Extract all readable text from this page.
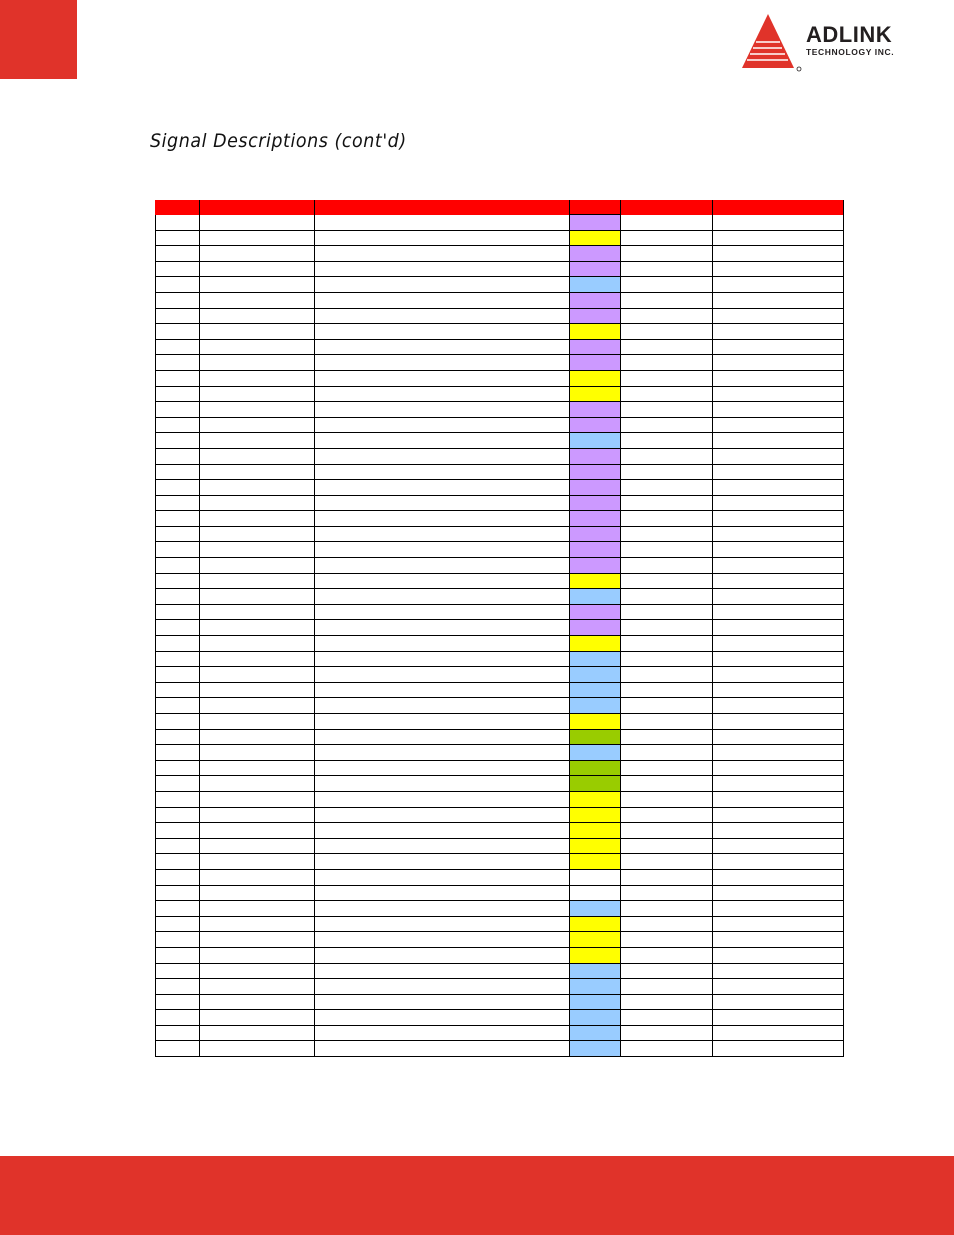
ADLINK
TECHNOLOGY INC.
Signal Descriptions (cont'd)
